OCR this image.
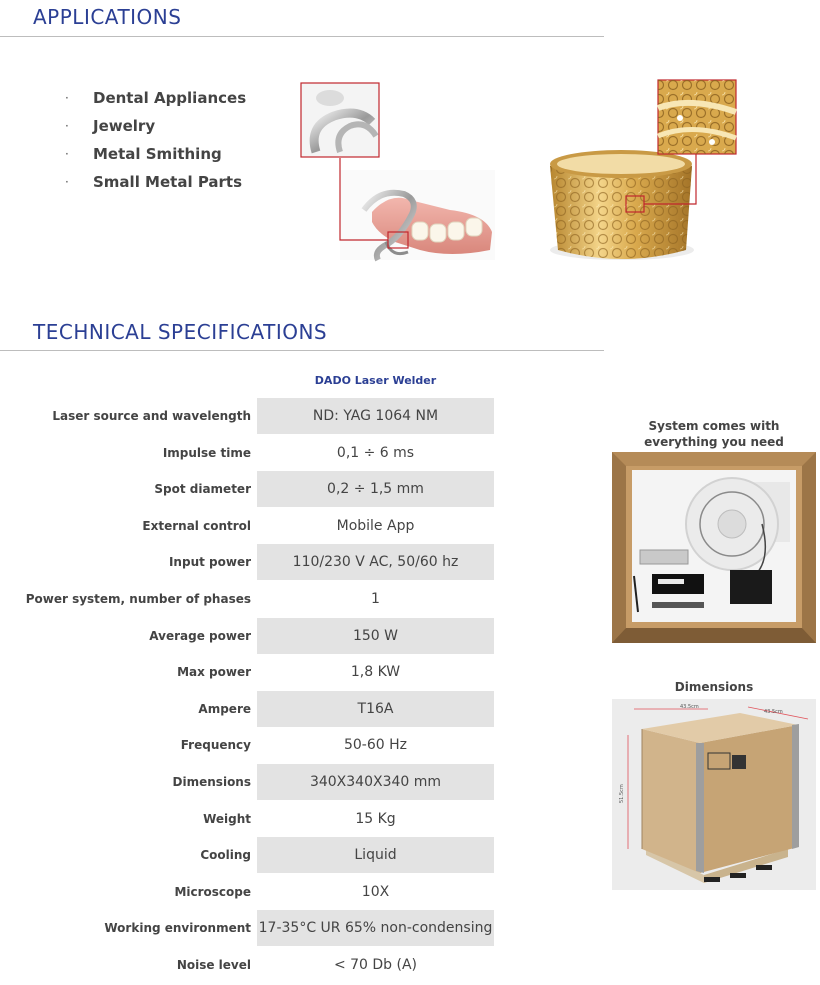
APPLICATIONS
· Dental Appliances
· Jewelry
· Metal Smithing
· Small Metal Parts
TECHNICAL SPECIFICATIONS
DADO Laser Welder
Laser source and wavelength	ND: YAG 1064 NM
Impulse time	0,1 ÷ 6 ms
Spot diameter	0,2 ÷ 1,5 mm
External control	Mobile App
Input power	110/230 V AC, 50/60 hz
Power system, number of phases	1
Average power	150 W
Max power	1,8 KW
Ampere	T16A
Frequency	50-60 Hz
Dimensions	340X340X340 mm
Weight	15 Kg
Cooling	Liquid
Microscope	10X
Working environment 17-35°C UR 65% non-condensing
Noise level	< 70 Db (A)
System comes with everything you need
Dimensions
43.5cm
43.5cm
51.5cm
